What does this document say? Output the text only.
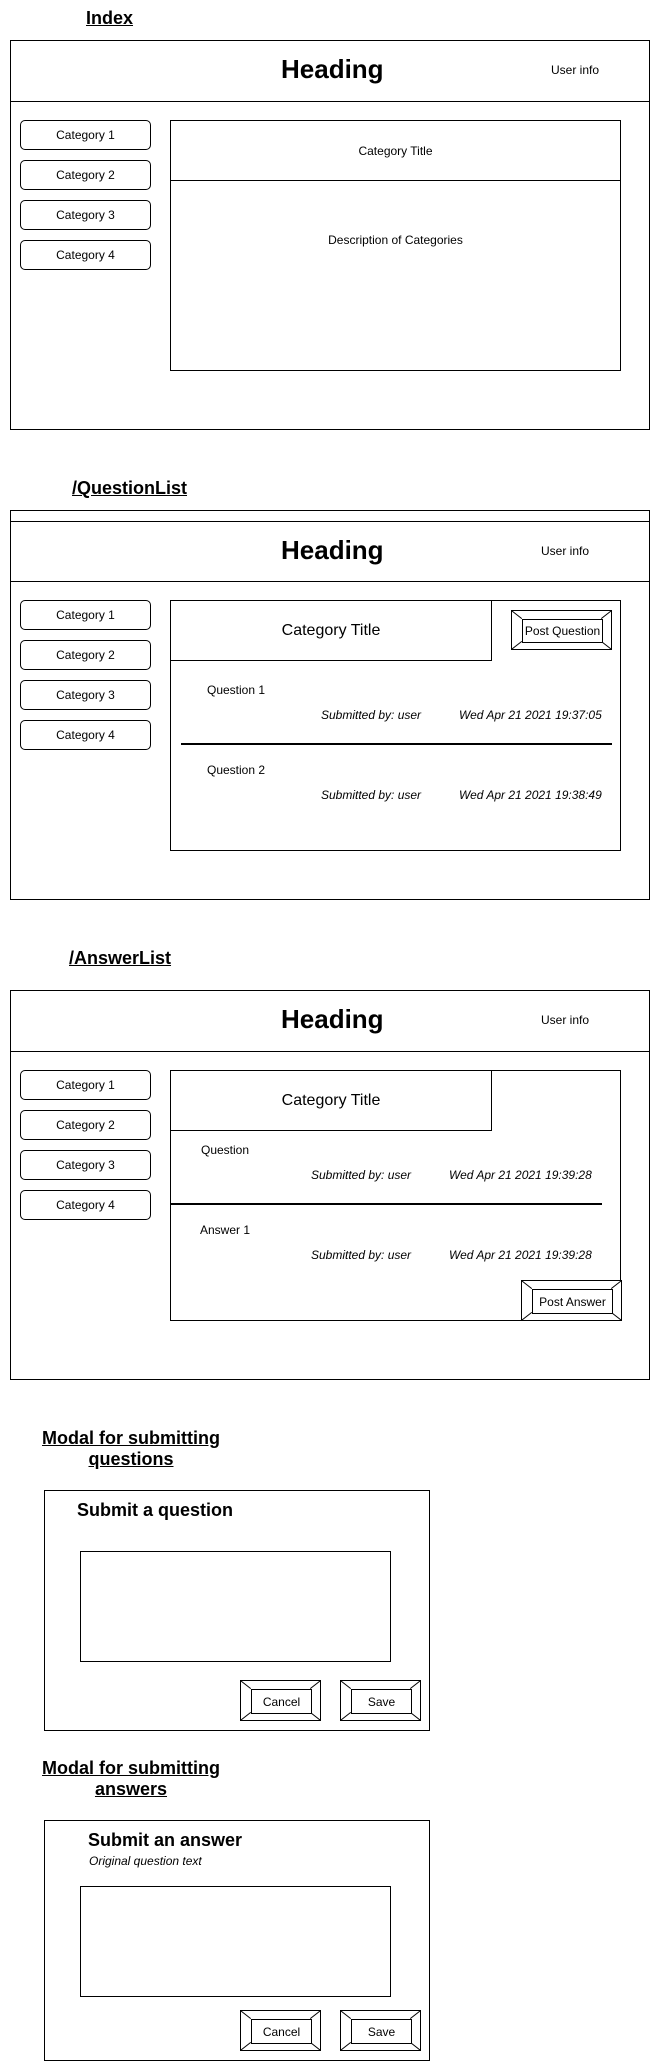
Index
Heading	User info
Category 1
Category 2
Category 3
Category 4
Category Title
Description of Categories
/QuestionList
Heading	User info
Category 1
Category 2
Category 3
Category 4
Category Title	Post Question
Question 1
Submitted by: user	Wed Apr 21 2021 19:37:05
Question 2
Submitted by: user	Wed Apr 21 2021 19:38:49
/AnswerList
Heading	User info
Category 1
Category 2
Category 3
Category 4
Category Title
Question
Submitted by: user	Wed Apr 21 2021 19:39:28
Answer 1
Submitted by: user	Wed Apr 21 2021 19:39:28
Post Answer
Modal for submitting
questions
Submit a question
Cancel	Save
Modal for submitting
answers
Submit an answer
Original question text
Cancel	Save
